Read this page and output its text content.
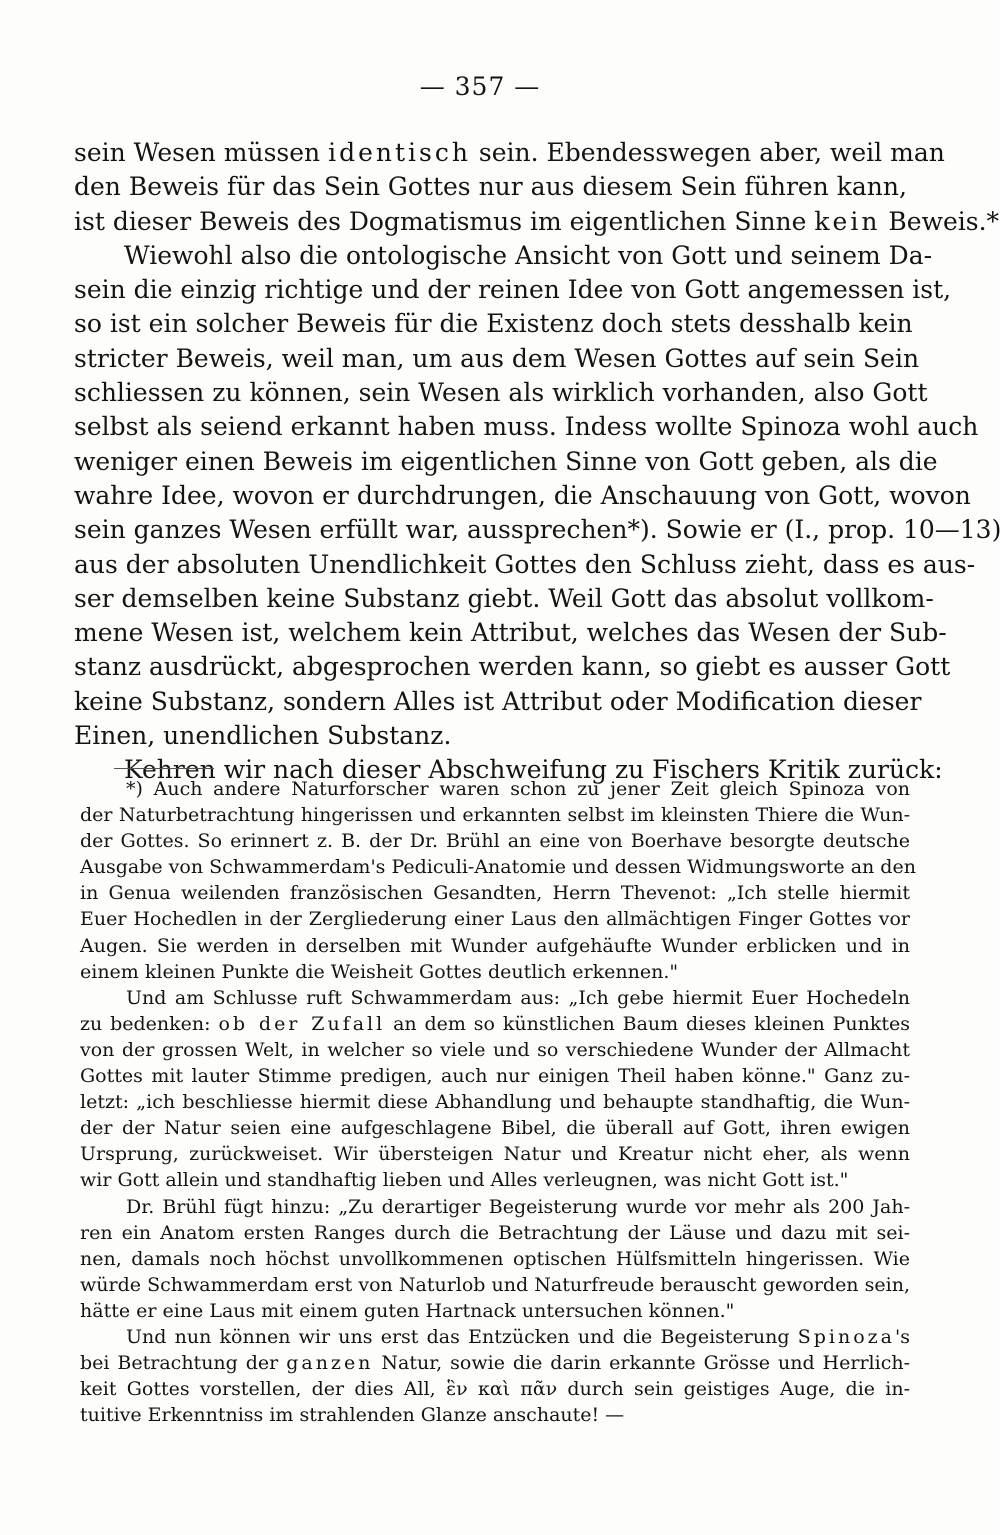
— 357 —
sein Wesen müssen identisch sein. Ebendesswegen aber, weil man
den Beweis für das Sein Gottes nur aus diesem Sein führen kann,
ist dieser Beweis des Dogmatismus im eigentlichen Sinne kein Beweis.*
Wiewohl also die ontologische Ansicht von Gott und seinem Da-
sein die einzig richtige und der reinen Idee von Gott angemessen ist,
so ist ein solcher Beweis für die Existenz doch stets desshalb kein
stricter Beweis, weil man, um aus dem Wesen Gottes auf sein Sein
schliessen zu können, sein Wesen als wirklich vorhanden, also Gott
selbst als seiend erkannt haben muss. Indess wollte Spinoza wohl auch
weniger einen Beweis im eigentlichen Sinne von Gott geben, als die
wahre Idee, wovon er durchdrungen, die Anschauung von Gott, wovon
sein ganzes Wesen erfüllt war, aussprechen*). Sowie er (I., prop. 10—13)
aus der absoluten Unendlichkeit Gottes den Schluss zieht, dass es aus-
ser demselben keine Substanz giebt. Weil Gott das absolut vollkom-
mene Wesen ist, welchem kein Attribut, welches das Wesen der Sub-
stanz ausdrückt, abgesprochen werden kann, so giebt es ausser Gott
keine Substanz, sondern Alles ist Attribut oder Modification dieser
Einen, unendlichen Substanz.
Kehren wir nach dieser Abschweifung zu Fischers Kritik zurück:
*) Auch andere Naturforscher waren schon zu jener Zeit gleich Spinoza von
der Naturbetrachtung hingerissen und erkannten selbst im kleinsten Thiere die Wun-
der Gottes. So erinnert z. B. der Dr. Brühl an eine von Boerhave besorgte deutsche
Ausgabe von Schwammerdam's Pediculi-Anatomie und dessen Widmungsworte an den
in Genua weilenden französischen Gesandten, Herrn Thevenot: „Ich stelle hiermit
Euer Hochedlen in der Zergliederung einer Laus den allmächtigen Finger Gottes vor
Augen. Sie werden in derselben mit Wunder aufgehäufte Wunder erblicken und in
einem kleinen Punkte die Weisheit Gottes deutlich erkennen."
Und am Schlusse ruft Schwammerdam aus: „Ich gebe hiermit Euer Hochedeln
zu bedenken: ob der Zufall an dem so künstlichen Baum dieses kleinen Punktes
von der grossen Welt, in welcher so viele und so verschiedene Wunder der Allmacht
Gottes mit lauter Stimme predigen, auch nur einigen Theil haben könne." Ganz zu-
letzt: „ich beschliesse hiermit diese Abhandlung und behaupte standhaftig, die Wun-
der der Natur seien eine aufgeschlagene Bibel, die überall auf Gott, ihren ewigen
Ursprung, zurückweiset. Wir übersteigen Natur und Kreatur nicht eher, als wenn
wir Gott allein und standhaftig lieben und Alles verleugnen, was nicht Gott ist."
Dr. Brühl fügt hinzu: „Zu derartiger Begeisterung wurde vor mehr als 200 Jah-
ren ein Anatom ersten Ranges durch die Betrachtung der Läuse und dazu mit sei-
nen, damals noch höchst unvollkommenen optischen Hülfsmitteln hingerissen. Wie
würde Schwammerdam erst von Naturlob und Naturfreude berauscht geworden sein,
hätte er eine Laus mit einem guten Hartnack untersuchen können."
Und nun können wir uns erst das Entzücken und die Begeisterung Spinoza's
bei Betrachtung der ganzen Natur, sowie die darin erkannte Grösse und Herrlich-
keit Gottes vorstellen, der dies All, ἓν καὶ πᾶν durch sein geistiges Auge, die in-
tuitive Erkenntniss im strahlenden Glanze anschaute! —
